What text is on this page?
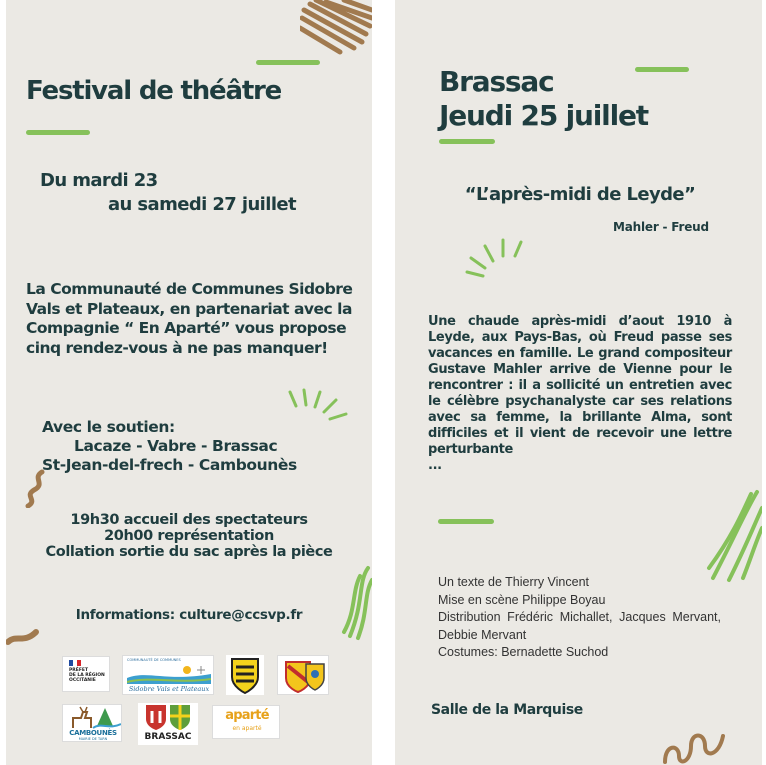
Festival de théâtre
Du mardi 23
au samedi 27 juillet
La Communauté de Communes Sidobre Vals et Plateaux, en partenariat avec la Compagnie “ En Aparté” vous propose cinq rendez-vous à ne pas manquer!
Avec le soutien:
Lacaze - Vabre - Brassac
St-Jean-del-frech - Cambounès
19h30 accueil des spectateurs
20h00 représentation
Collation sortie du sac après la pièce
Informations: culture@ccsvp.fr
PRÉFET
DE LA RÉGION
OCCITANIE
COMMUNAUTÉ DE COMMUNES
Sidobre Vals et Plateaux
CAMBOUNÈS
MAIRIE DE TARN	BRASSAC
aparté
en aparté
Brassac
Jeudi 25 juillet
“L’après-midi de Leyde”
Mahler - Freud
Une chaude après-midi d’aout 1910 à Leyde, aux Pays-Bas, où Freud passe ses vacances en famille. Le grand compositeur Gustave Mahler arrive de Vienne pour le rencontrer : il a sollicité un entretien avec le célèbre psychanalyste car ses relations avec sa femme, la brillante Alma, sont difficiles et il vient de recevoir une lettre perturbante
...
Un texte de Thierry Vincent
Mise en scène Philippe Boyau
Distribution Frédéric Michallet, Jacques Mervant, Debbie Mervant
Costumes: Bernadette Suchod
Salle de la Marquise
